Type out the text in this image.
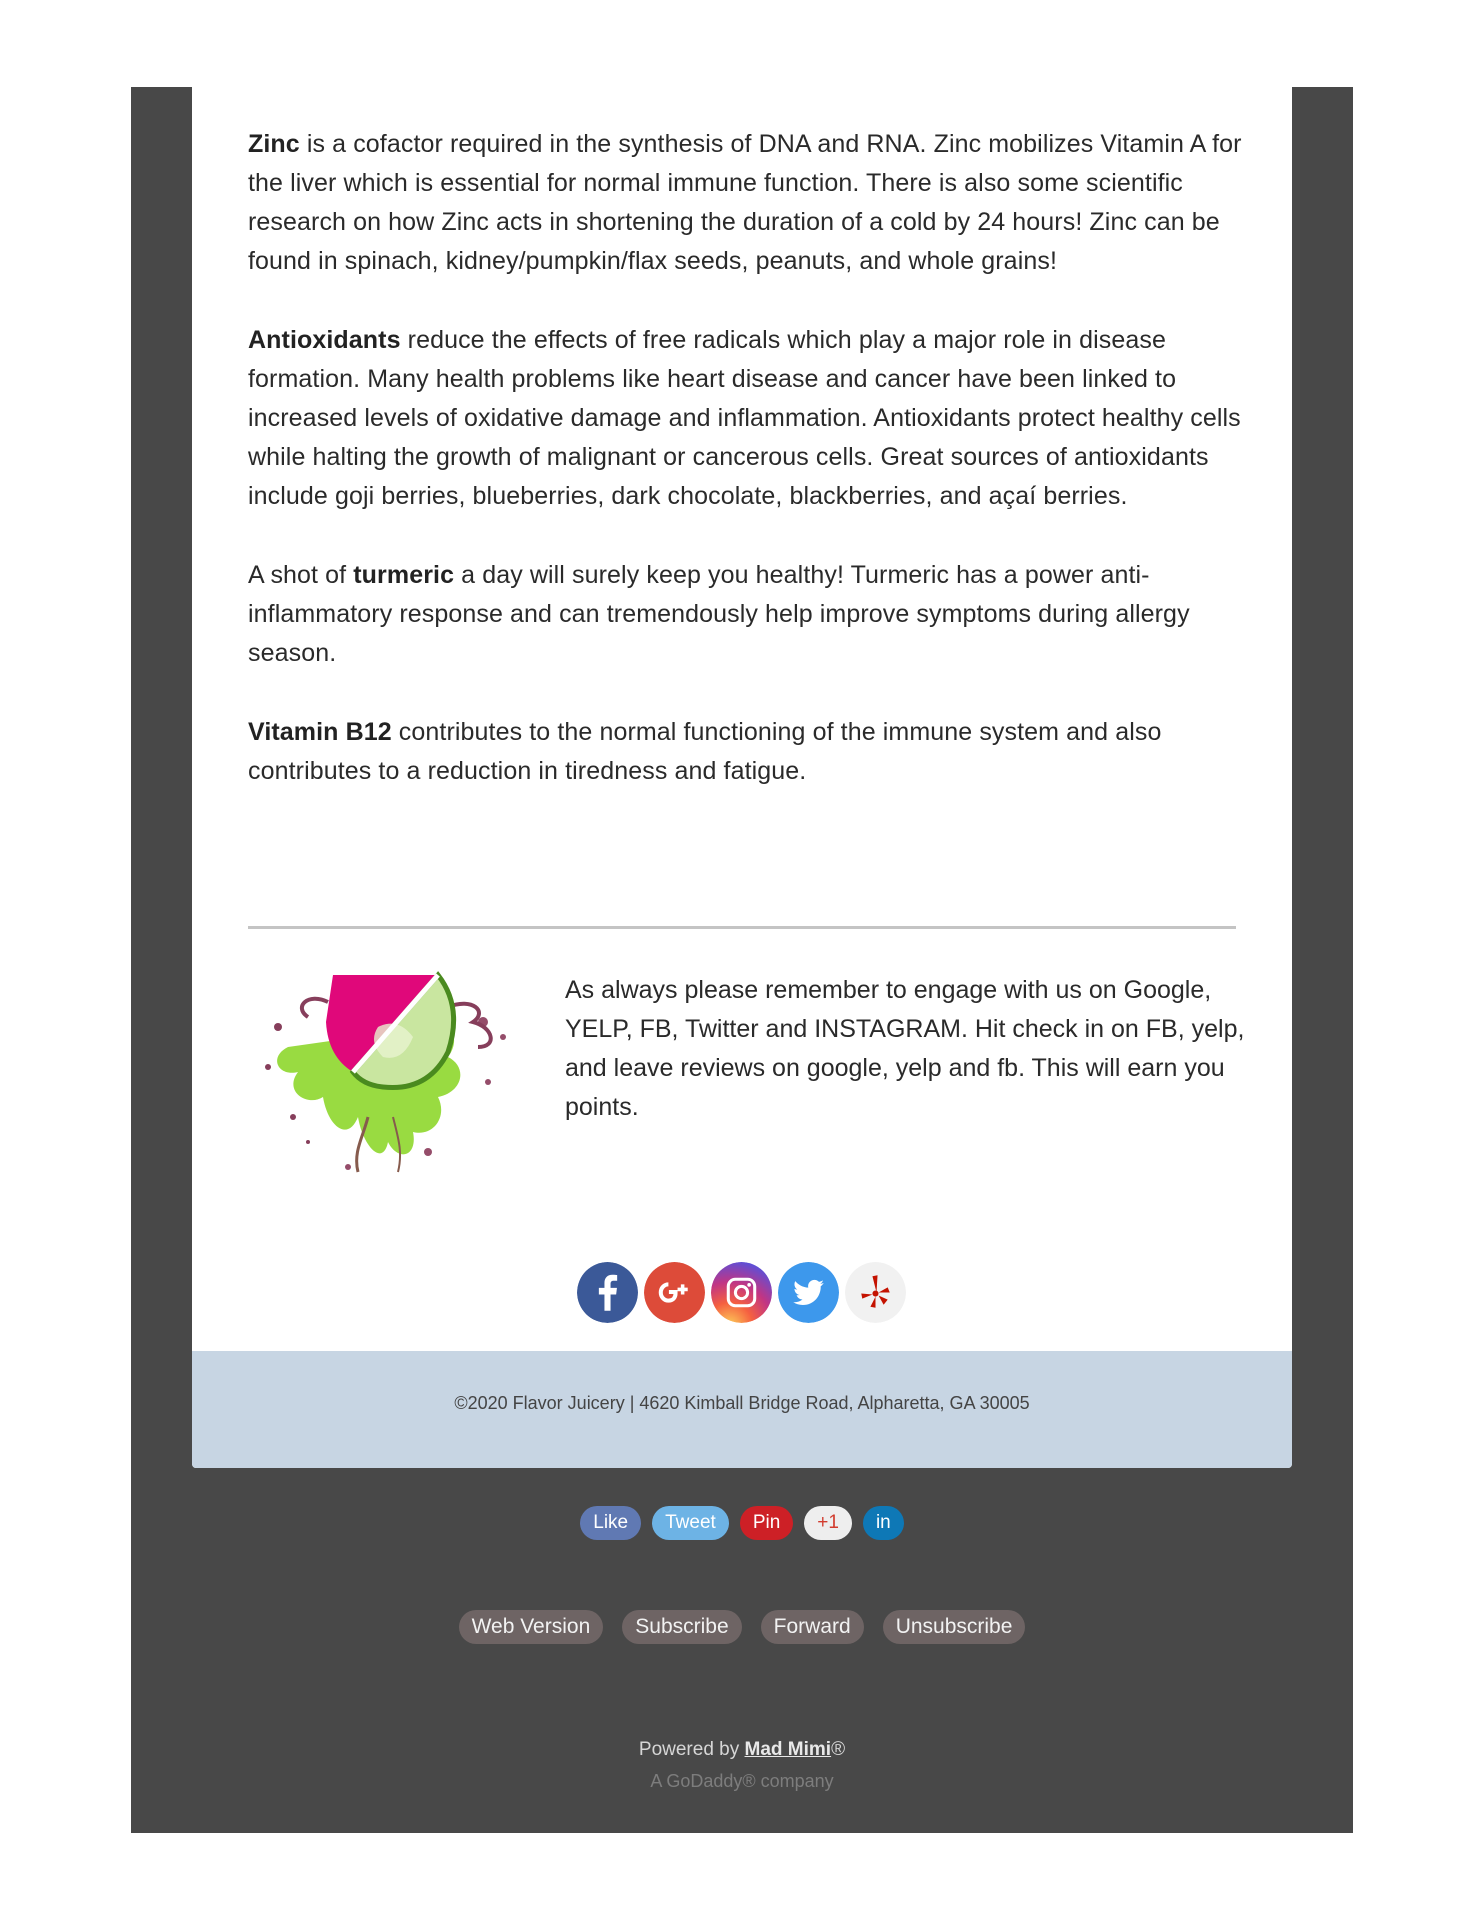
Zinc is a cofactor required in the synthesis of DNA and RNA. Zinc mobilizes Vitamin A for the liver which is essential for normal immune function. There is also some scientific research on how Zinc acts in shortening the duration of a cold by 24 hours! Zinc can be found in spinach, kidney/pumpkin/flax seeds, peanuts, and whole grains!

Antioxidants reduce the effects of free radicals which play a major role in disease formation. Many health problems like heart disease and cancer have been linked to increased levels of oxidative damage and inflammation. Antioxidants protect healthy cells while halting the growth of malignant or cancerous cells. Great sources of antioxidants include goji berries, blueberries, dark chocolate, blackberries, and açaí berries.

A shot of turmeric a day will surely keep you healthy! Turmeric has a power anti-inflammatory response and can tremendously help improve symptoms during allergy season.

Vitamin B12 contributes to the normal functioning of the immune system and also contributes to a reduction in tiredness and fatigue.

As always please remember to engage with us on Google, YELP, FB, Twitter and INSTAGRAM. Hit check in on FB, yelp, and leave reviews on google, yelp and fb. This will earn you points.

©2020 Flavor Juicery | 4620 Kimball Bridge Road, Alpharetta, GA 30005

Like	Tweet	Pin	+1	in
Web Version	Subscribe	Forward	Unsubscribe

Powered by Mad Mimi®

A GoDaddy® company
